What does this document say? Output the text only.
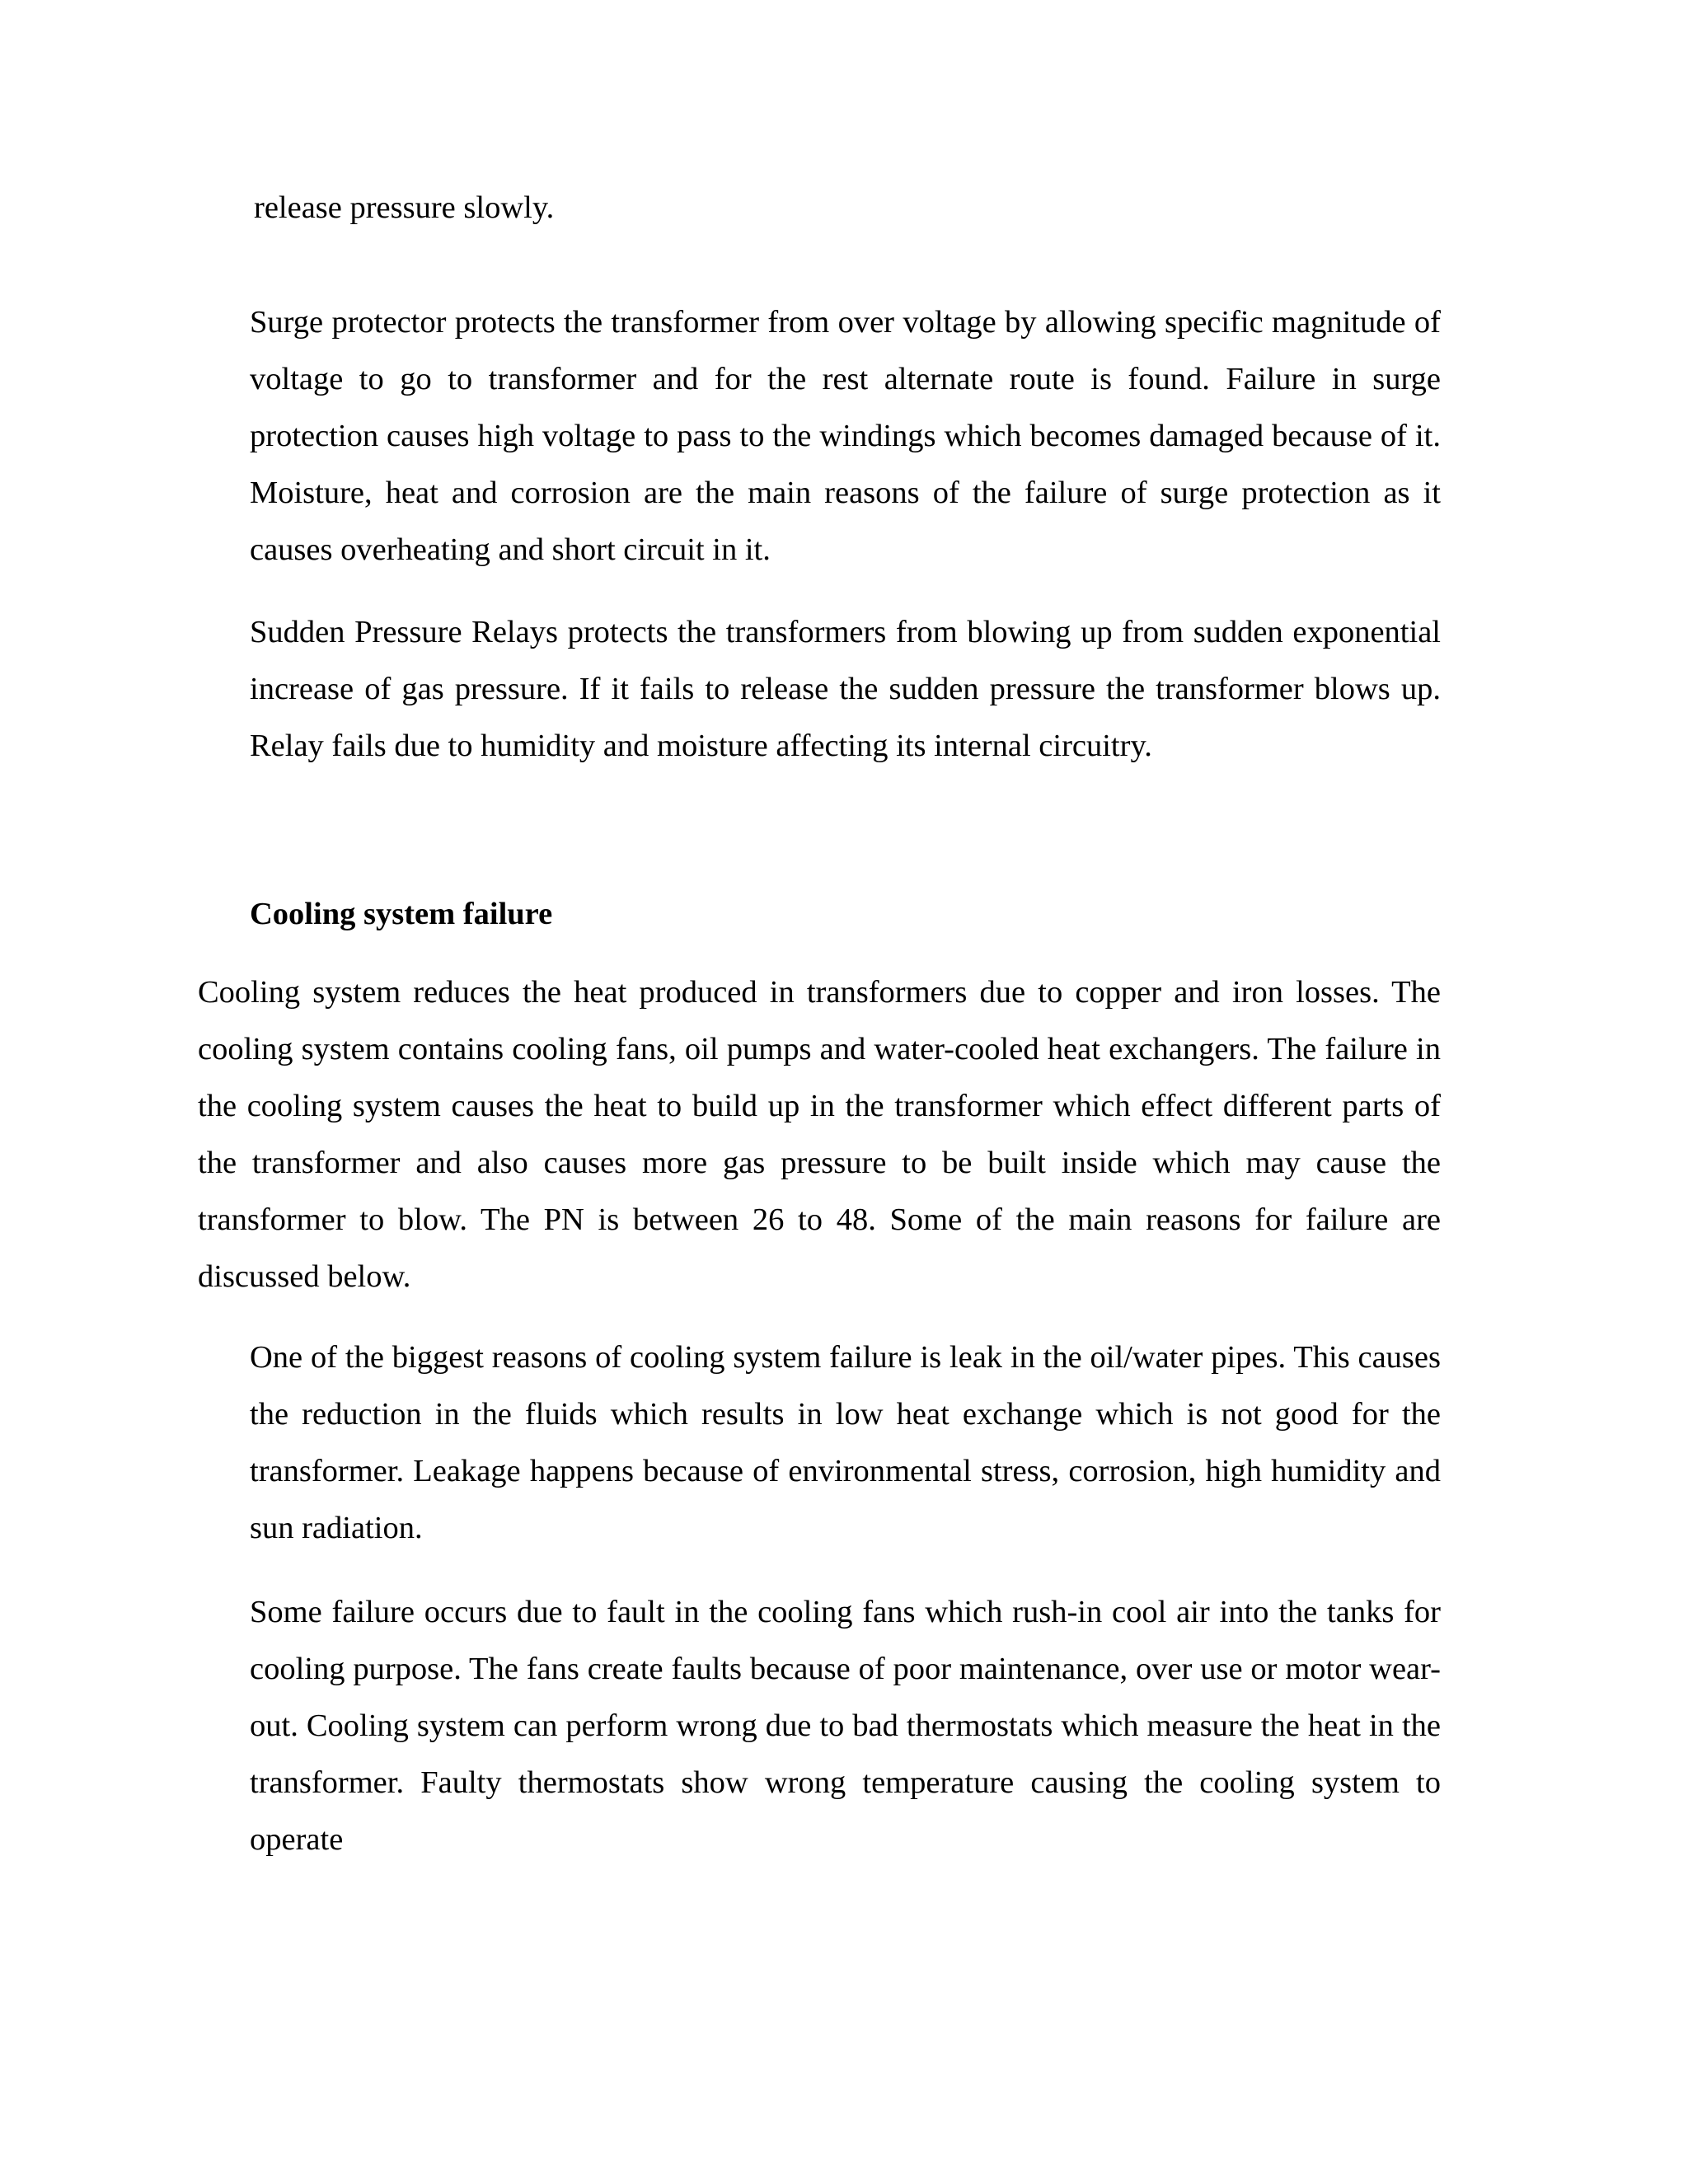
release pressure slowly.

Surge protector protects the transformer from over voltage by allowing specific magnitude of voltage to go to transformer and for the rest alternate route is found. Failure in surge protection causes high voltage to pass to the windings which becomes damaged because of it. Moisture, heat and corrosion are the main reasons of the failure of surge protection as it causes overheating and short circuit in it.

Sudden Pressure Relays protects the transformers from blowing up from sudden exponential increase of gas pressure. If it fails to release the sudden pressure the transformer blows up. Relay fails due to humidity and moisture affecting its internal circuitry.

Cooling system failure

Cooling system reduces the heat produced in transformers due to copper and iron losses. The cooling system contains cooling fans, oil pumps and water-cooled heat exchangers. The failure in the cooling system causes the heat to build up in the transformer which effect different parts of the transformer and also causes more gas pressure to be built inside which may cause the transformer to blow. The PN is between 26 to 48. Some of the main reasons for failure are discussed below.

One of the biggest reasons of cooling system failure is leak in the oil/water pipes. This causes the reduction in the fluids which results in low heat exchange which is not good for the transformer. Leakage happens because of environmental stress, corrosion, high humidity and sun radiation.

Some failure occurs due to fault in the cooling fans which rush-in cool air into the tanks for cooling purpose. The fans create faults because of poor maintenance, over use or motor wear-out. Cooling system can perform wrong due to bad thermostats which measure the heat in the transformer. Faulty thermostats show wrong temperature causing the cooling system to operate
